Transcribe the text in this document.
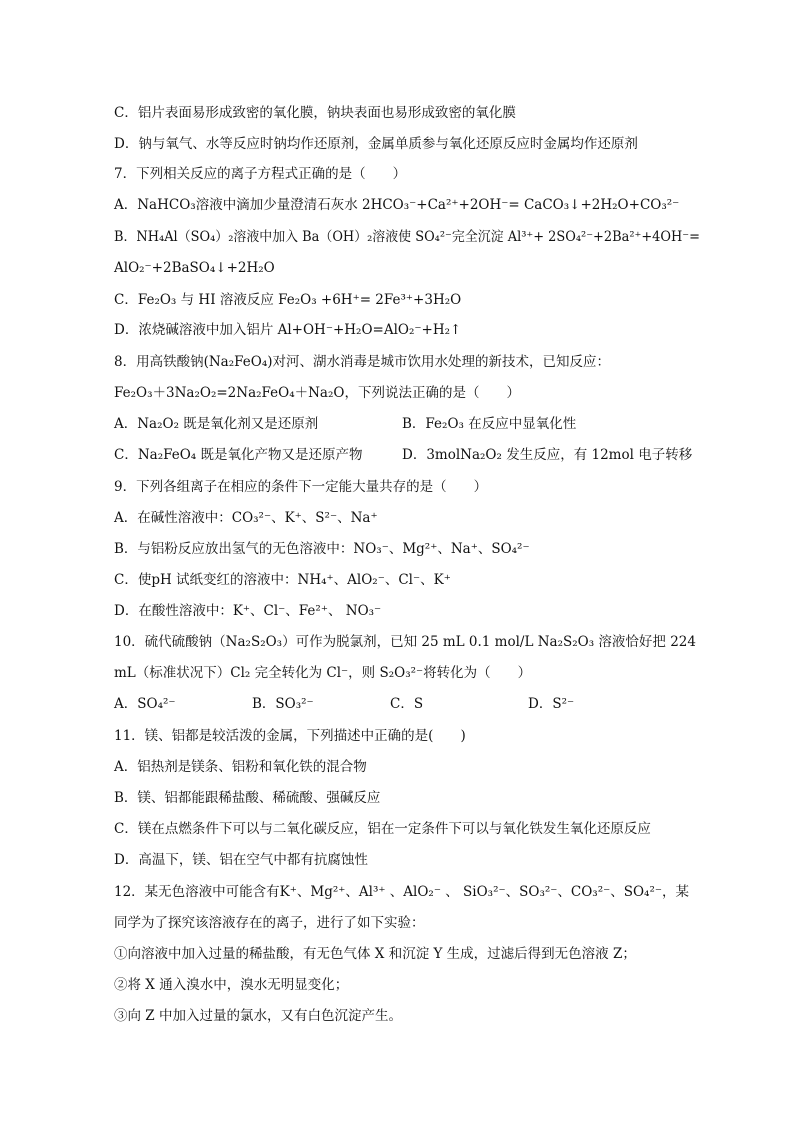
C．铝片表面易形成致密的氧化膜，钠块表面也易形成致密的氧化膜
D．钠与氧气、水等反应时钠均作还原剂，金属单质参与氧化还原反应时金属均作还原剂
7．下列相关反应的离子方程式正确的是（　　）
A．NaHCO₃溶液中滴加少量澄清石灰水 2HCO₃⁻+Ca²⁺+2OH⁻= CaCO₃↓+2H₂O+CO₃²⁻
B．NH₄Al（SO₄）₂溶液中加入 Ba（OH）₂溶液使 SO₄²⁻完全沉淀 Al³⁺+ 2SO₄²⁻+2Ba²⁺+4OH⁻=
AlO₂⁻+2BaSO₄↓+2H₂O
C．Fe₂O₃ 与 HI 溶液反应 Fe₂O₃ +6H⁺= 2Fe³⁺+3H₂O
D．浓烧碱溶液中加入铝片 Al+OH⁻+H₂O=AlO₂⁻+H₂↑
8．用高铁酸钠(Na₂FeO₄)对河、湖水消毒是城市饮用水处理的新技术，已知反应：
Fe₂O₃＋3Na₂O₂=2Na₂FeO₄＋Na₂O，下列说法正确的是（　　）
A．Na₂O₂ 既是氧化剂又是还原剂	B．Fe₂O₃ 在反应中显氧化性
C．Na₂FeO₄ 既是氧化产物又是还原产物	D．3molNa₂O₂ 发生反应，有 12mol 电子转移
9．下列各组离子在相应的条件下一定能大量共存的是（　　）
A．在碱性溶液中：CO₃²⁻、K⁺、S²⁻、Na⁺
B．与铝粉反应放出氢气的无色溶液中：NO₃⁻、Mg²⁺、Na⁺、SO₄²⁻
C．使pH 试纸变红的溶液中：NH₄⁺、AlO₂⁻、Cl⁻、K⁺
D．在酸性溶液中：K⁺、Cl⁻、Fe²⁺、 NO₃⁻
10．硫代硫酸钠（Na₂S₂O₃）可作为脱氯剂，已知 25 mL 0.1 mol/L Na₂S₂O₃ 溶液恰好把 224
mL（标准状况下）Cl₂ 完全转化为 Cl⁻，则 S₂O₃²⁻将转化为（　　）
A．SO₄²⁻	B．SO₃²⁻	C．S	D．S²⁻
11．镁、铝都是较活泼的金属，下列描述中正确的是(　　)
A．铝热剂是镁条、铝粉和氧化铁的混合物
B．镁、铝都能跟稀盐酸、稀硫酸、强碱反应
C．镁在点燃条件下可以与二氧化碳反应，铝在一定条件下可以与氧化铁发生氧化还原反应
D．高温下，镁、铝在空气中都有抗腐蚀性
12．某无色溶液中可能含有K⁺、Mg²⁺、Al³⁺ 、AlO₂⁻ 、 SiO₃²⁻、SO₃²⁻、CO₃²⁻、SO₄²⁻，某
同学为了探究该溶液存在的离子，进行了如下实验：
①向溶液中加入过量的稀盐酸，有无色气体 X 和沉淀 Y 生成，过滤后得到无色溶液 Z；
②将 X 通入溴水中，溴水无明显变化；
③向 Z 中加入过量的氯水，又有白色沉淀产生。
